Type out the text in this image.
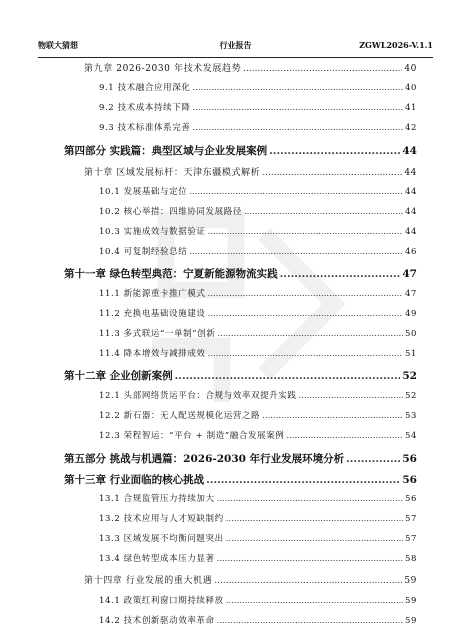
物联大猜想	行业报告	ZGWL2026-V.1.1
第九章 2026-2030 年技术发展趋势 .....	40
9.1 技术融合应用深化 .....	40
9.2 技术成本持续下降 .....	41
9.3 技术标准体系完善 .....	42
第四部分 实践篇：典型区域与企业发展案例 .....	44
第十章 区域发展标杆：天津东疆模式解析 .....	44
10.1 发展基础与定位 .....	44
10.2 核心举措：四维协同发展路径 .....	44
10.3 实施成效与数据验证 .....	44
10.4 可复制经验总结 .....	46
第十一章 绿色转型典范：宁夏新能源物流实践 .....	47
11.1 新能源重卡推广模式 .....	47
11.2 充换电基础设施建设 .....	49
11.3 多式联运“一单制”创新 .....	50
11.4 降本增效与减排成效 .....	51
第十二章 企业创新案例 .....	52
12.1 头部网络货运平台：合规与效率双提升实践 .....	52
12.2 新石器：无人配送规模化运营之路 .....	53
12.3 荣程智运：“平台 + 制造”融合发展案例 .....	54
第五部分 挑战与机遇篇：2026-2030 年行业发展环境分析 .....	56
第十三章 行业面临的核心挑战 .....	56
13.1 合规监管压力持续加大 .....	56
13.2 技术应用与人才短缺制约 .....	57
13.3 区域发展不均衡问题突出 .....	57
13.4 绿色转型成本压力显著 .....	58
第十四章 行业发展的重大机遇 .....	59
14.1 政策红利窗口期持续释放 .....	59
14.2 技术创新驱动效率革命 .....	59
